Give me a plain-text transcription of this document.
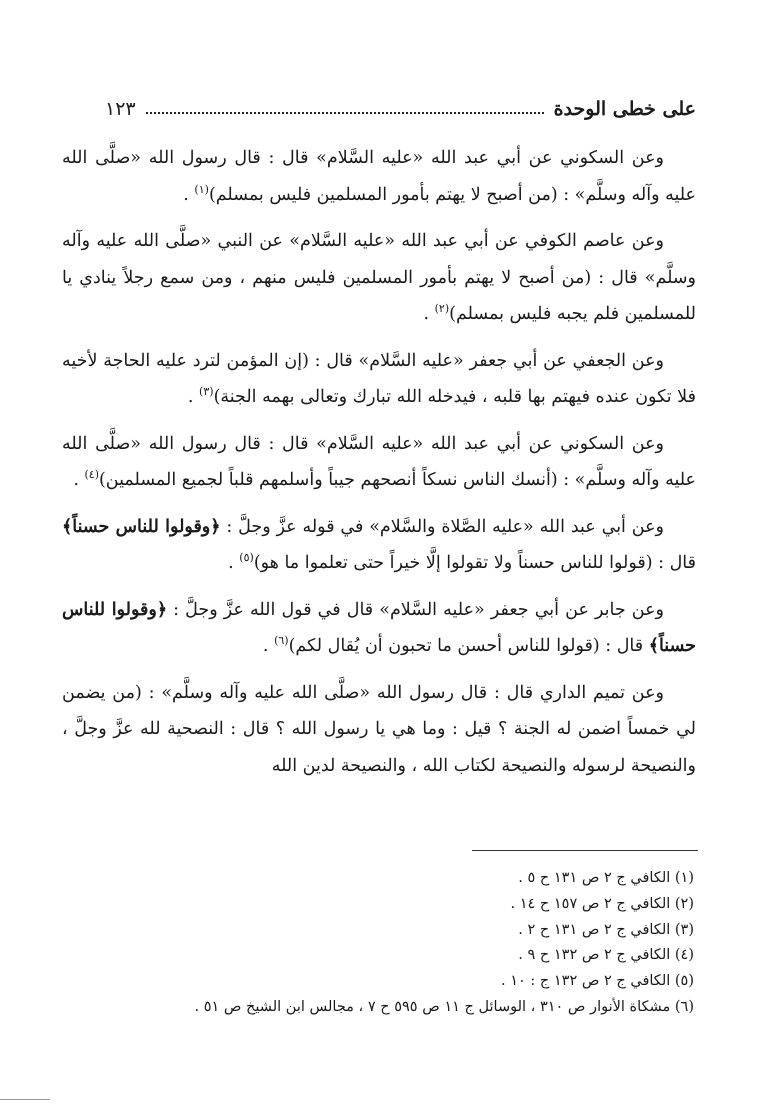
على خطى الوحدة
١٢٣

وعن السكوني عن أبي عبد الله «عليه السَّلام» قال : قال رسول الله «صلَّى الله عليه وآله وسلَّم» : (من أصبح لا يهتم بأمور المسلمين فليس بمسلم)$^{(١)}$ .

وعن عاصم الكوفي عن أبي عبد الله «عليه السَّلام» عن النبي «صلَّى الله عليه وآله وسلَّم» قال : (من أصبح لا يهتم بأمور المسلمين فليس منهم ، ومن سمع رجلاً ينادي يا للمسلمين فلم يجبه فليس بمسلم)$^{(٢)}$ .

وعن الجعفي عن أبي جعفر «عليه السَّلام» قال : (إن المؤمن لترد عليه الحاجة لأخيه فلا تكون عنده فيهتم بها قلبه ، فيدخله الله تبارك وتعالى بهمه الجنة)$^{(٣)}$ .

وعن السكوني عن أبي عبد الله «عليه السَّلام» قال : قال رسول الله «صلَّى الله عليه وآله وسلَّم» : (أنسك الناس نسكاً أنصحهم جيباً وأسلمهم قلباً لجميع المسلمين)$^{(٤)}$ .

وعن أبي عبد الله «عليه الصَّلاة والسَّلام» في قوله عزَّ وجلَّ : ﴿وقولوا للناس حسناً﴾ قال : (قولوا للناس حسناً ولا تقولوا إلَّا خيراً حتى تعلموا ما هو)$^{(٥)}$ .

وعن جابر عن أبي جعفر «عليه السَّلام» قال في قول الله عزَّ وجلَّ : ﴿وقولوا للناس حسناً﴾ قال : (قولوا للناس أحسن ما تحبون أن يُقال لكم)$^{(٦)}$ .

وعن تميم الداري قال : قال رسول الله «صلَّى الله عليه وآله وسلَّم» : (من يضمن لي خمساً اضمن له الجنة ؟ قيل : وما هي يا رسول الله ؟ قال : النصحية لله عزَّ وجلَّ ، والنصيحة لرسوله والنصيحة لكتاب الله ، والنصيحة لدين الله

(١) الكافي ج ٢ ص ١٣١ ح ٥ .
(٢) الكافي ج ٢ ص ١٥٧ ح ١٤ .
(٣) الكافي ج ٢ ص ١٣١ ح ٢ .
(٤) الكافي ج ٢ ص ١٣٢ ح ٩ .
(٥) الكافي ج ٢ ص ١٣٢ ج : ١٠ .
(٦) مشكاة الأنوار ص ٣١٠ ، الوسائل ج ١١ ص ٥٩٥ ح ٧ ، مجالس ابن الشيخ ص ٥١ .
